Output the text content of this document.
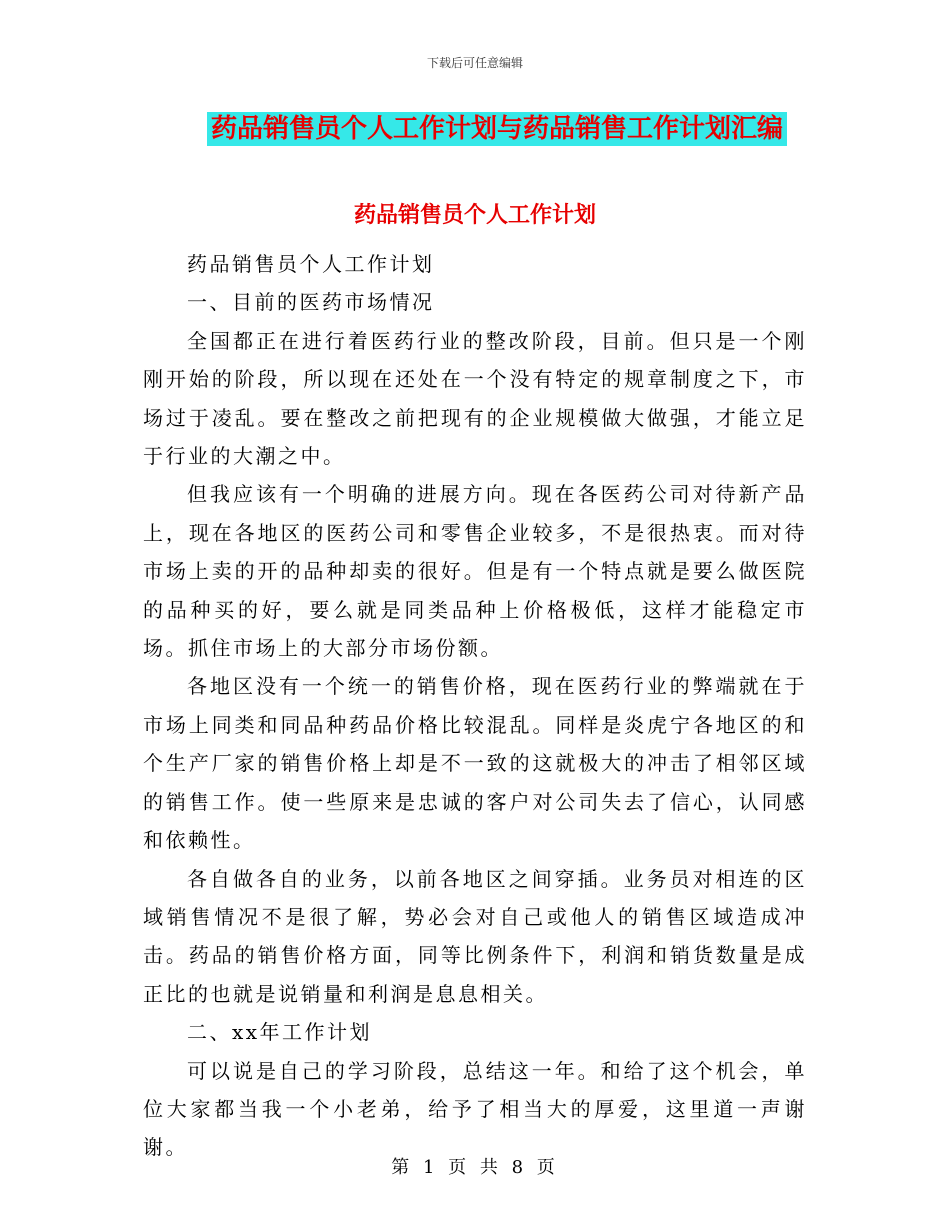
下载后可任意编辑
药品销售员个人工作计划与药品销售工作计划汇编
药品销售员个人工作计划

药品销售员个人工作计划

一、目前的医药市场情况

全国都正在进行着医药行业的整改阶段，目前。但只是一个刚刚开始的阶段，所以现在还处在一个没有特定的规章制度之下，市场过于凌乱。要在整改之前把现有的企业规模做大做强，才能立足于行业的大潮之中。

但我应该有一个明确的进展方向。现在各医药公司对待新产品上，现在各地区的医药公司和零售企业较多，不是很热衷。而对待市场上卖的开的品种却卖的很好。但是有一个特点就是要么做医院的品种买的好，要么就是同类品种上价格极低，这样才能稳定市场。抓住市场上的大部分市场份额。

各地区没有一个统一的销售价格，现在医药行业的弊端就在于市场上同类和同品种药品价格比较混乱。同样是炎虎宁各地区的和个生产厂家的销售价格上却是不一致的这就极大的冲击了相邻区域的销售工作。使一些原来是忠诚的客户对公司失去了信心，认同感和依赖性。

各自做各自的业务，以前各地区之间穿插。业务员对相连的区域销售情况不是很了解，势必会对自己或他人的销售区域造成冲击。药品的销售价格方面，同等比例条件下，利润和销货数量是成正比的也就是说销量和利润是息息相关。

二、xx年工作计划

可以说是自己的学习阶段，总结这一年。和给了这个机会，单位大家都当我一个小老弟，给予了相当大的厚爱，这里道一声谢谢。

第 1 页 共 8 页
